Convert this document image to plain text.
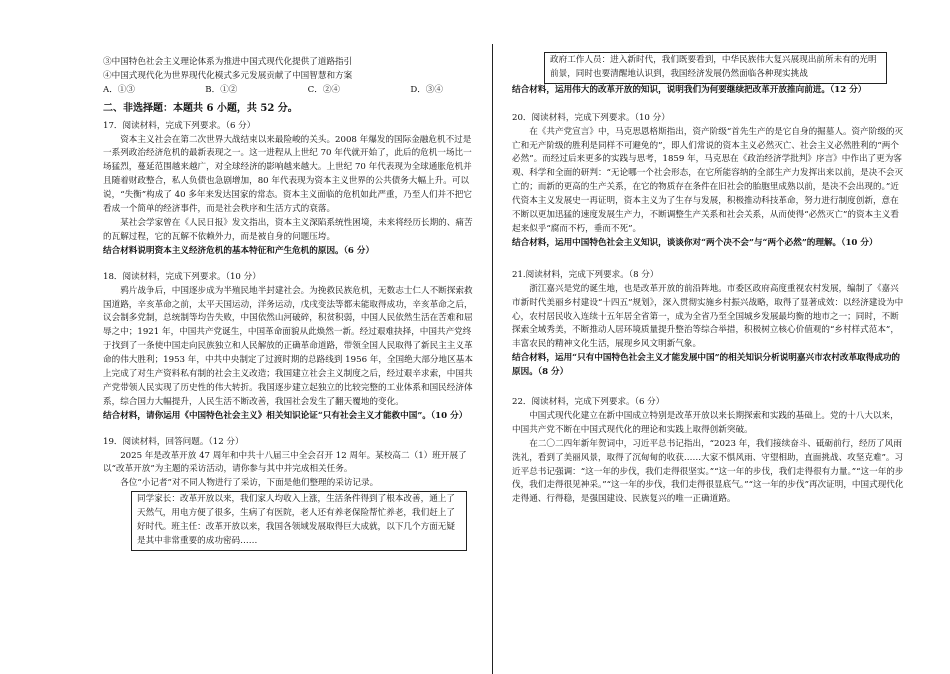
③中国特色社会主义理论体系为推进中国式现代化提供了道路指引

④中国式现代化为世界现代化模式多元发展贡献了中国智慧和方案

A．①③	B．①②	C．②④	D．③④

二、非选择题：本题共 6 小题，共 52 分。

17．阅读材料，完成下列要求。（6 分）

资本主义社会在第二次世界大战结束以来最险峻的关头。2008 年爆发的国际金融危机不过是一系列政治经济危机的最新表现之一。这一进程从上世纪 70 年代就开始了，此后的危机一场比一场猛烈，蔓延范围越来越广，对全球经济的影响越来越大。上世纪 70 年代表现为全球通胀危机并且随着财政整合，私人负债也急剧增加，80 年代表现为资本主义世界的公共债务大幅上升。可以说，“失衡”构成了 40 多年来发达国家的常态。资本主义面临的危机如此严重，乃至人们并不把它看成一个简单的经济事件，而是社会秩序和生活方式的衰落。

某社会学家曾在《人民日报》发文指出，资本主义深陷系统性困境，未来将经历长期的、痛苦的瓦解过程，它的瓦解不依赖外力，而是被自身的问题压垮。

结合材料说明资本主义经济危机的基本特征和产生危机的原因。（6 分）

18．阅读材料，完成下列要求。（10 分）

鸦片战争后，中国逐步成为半殖民地半封建社会。为挽救民族危机，无数志士仁人不断探索救国道路，辛亥革命之前，太平天国运动，洋务运动，戊戌变法等都未能取得成功，辛亥革命之后，议会制多党制，总统制等均告失败，中国依然山河破碎，积贫积弱，中国人民依然生活在苦难和屈辱之中；1921 年，中国共产党诞生，中国革命面貌从此焕然一新。经过艰难抉择，中国共产党终于找到了一条使中国走向民族独立和人民解放的正确革命道路，带领全国人民取得了新民主主义革命的伟大胜利；1953 年，中共中央制定了过渡时期的总路线到 1956 年，全国绝大部分地区基本上完成了对生产资料私有制的社会主义改造；我国建立社会主义制度之后，经过艰辛求索，中国共产党带领人民实现了历史性的伟大转折。我国逐步建立起独立的比较完整的工业体系和国民经济体系，综合国力大幅提升，人民生活不断改善，我国社会发生了翻天覆地的变化。

结合材料，请你运用《中国特色社会主义》相关知识论证“只有社会主义才能救中国”。（10 分）

19．阅读材料，回答问题。（12 分）

2025 年是改革开放 47 周年和中共十八届三中全会召开 12 周年。某校高二（1）班开展了以“改革开放”为主题的采访活动，请你参与其中并完成相关任务。

各位“小记者”对不同人物进行了采访，下面是他们整理的采访记录。

同学家长：改革开放以来，我们家人均收入上涨，生活条件得到了根本改善，通上了天然气，用电方便了很多，生病了有医院，老人还有养老保险帮忙养老，我们赶上了好时代。班主任：改革开放以来，我国各领域发展取得巨大成就，以下几个方面无疑是其中非常重要的成功密码……

政府工作人员：进入新时代，我们既要看到，中华民族伟大复兴展现出前所未有的光明前景，同时也要清醒地认识到，我国经济发展仍然面临各种现实挑战

结合材料，运用伟大的改革开放的知识，说明我们为何要继续把改革开放推向前进。（12 分）

20．阅读材料，完成下列要求。（10 分）

在《共产党宣言》中，马克思恩格斯指出，资产阶级“首先生产的是它自身的掘墓人。资产阶级的灭亡和无产阶级的胜利是同样不可避免的”，即人们常说的资本主义必然灭亡、社会主义必然胜利的“两个必然”。而经过后来更多的实践与思考，1859 年，马克思在《政治经济学批判》序言》中作出了更为客观、科学和全面的研判：“无论哪一个社会形态，在它所能容纳的全部生产力发挥出来以前，是决不会灭亡的；而新的更高的生产关系，在它的物质存在条件在旧社会的胎胞里成熟以前，是决不会出现的。”近代资本主义发展史一再证明，资本主义为了生存与发展，积极推动科技革命，努力进行制度创新，意在不断以更加迅猛的速度发展生产力，不断调整生产关系和社会关系，从而使得“必然灭亡”的资本主义看起来似乎“腐而不朽，垂而不死”。

结合材料，运用中国特色社会主义知识，谈谈你对“两个决不会”与“两个必然”的理解。（10 分）

21.阅读材料，完成下列要求。（8 分）

浙江嘉兴是党的诞生地，也是改革开放的前沿阵地。市委区政府高度重视农村发展，编制了《嘉兴市新时代美丽乡村建设“十四五”规划》，深入贯彻实施乡村振兴战略，取得了显著成效：以经济建设为中心，农村居民收入连续十五年居全省第一，成为全省乃至全国城乡发展最均衡的地市之一；同时，不断探索全域秀美，不断推动人居环境质量提升整治等综合举措，积极树立核心价值观的“乡村样式范本”，丰富农民的精神文化生活，展现乡风文明新气象。

结合材料，运用“只有中国特色社会主义才能发展中国”的相关知识分析说明嘉兴市农村改革取得成功的原因。（8 分）

22．阅读材料，完成下列要求。（6 分）

中国式现代化建立在新中国成立特别是改革开放以来长期探索和实践的基础上。党的十八大以来，中国共产党不断在中国式现代化的理论和实践上取得创新突破。

在二〇二四年新年贺词中，习近平总书记指出，“2023 年，我们接续奋斗、砥砺前行，经历了风雨洗礼，看到了美丽风景，取得了沉甸甸的收获……大家不惧风雨、守望相助，直面挑战、攻坚克难”。习近平总书记强调：“这一年的步伐，我们走得很坚实。”“这一年的步伐，我们走得很有力量。”“这一年的步伐，我们走得很见神采。”“这一年的步伐，我们走得很显底气。”“这一年的步伐”再次证明，中国式现代化走得通、行得稳，是强国建设、民族复兴的唯一正确道路。
